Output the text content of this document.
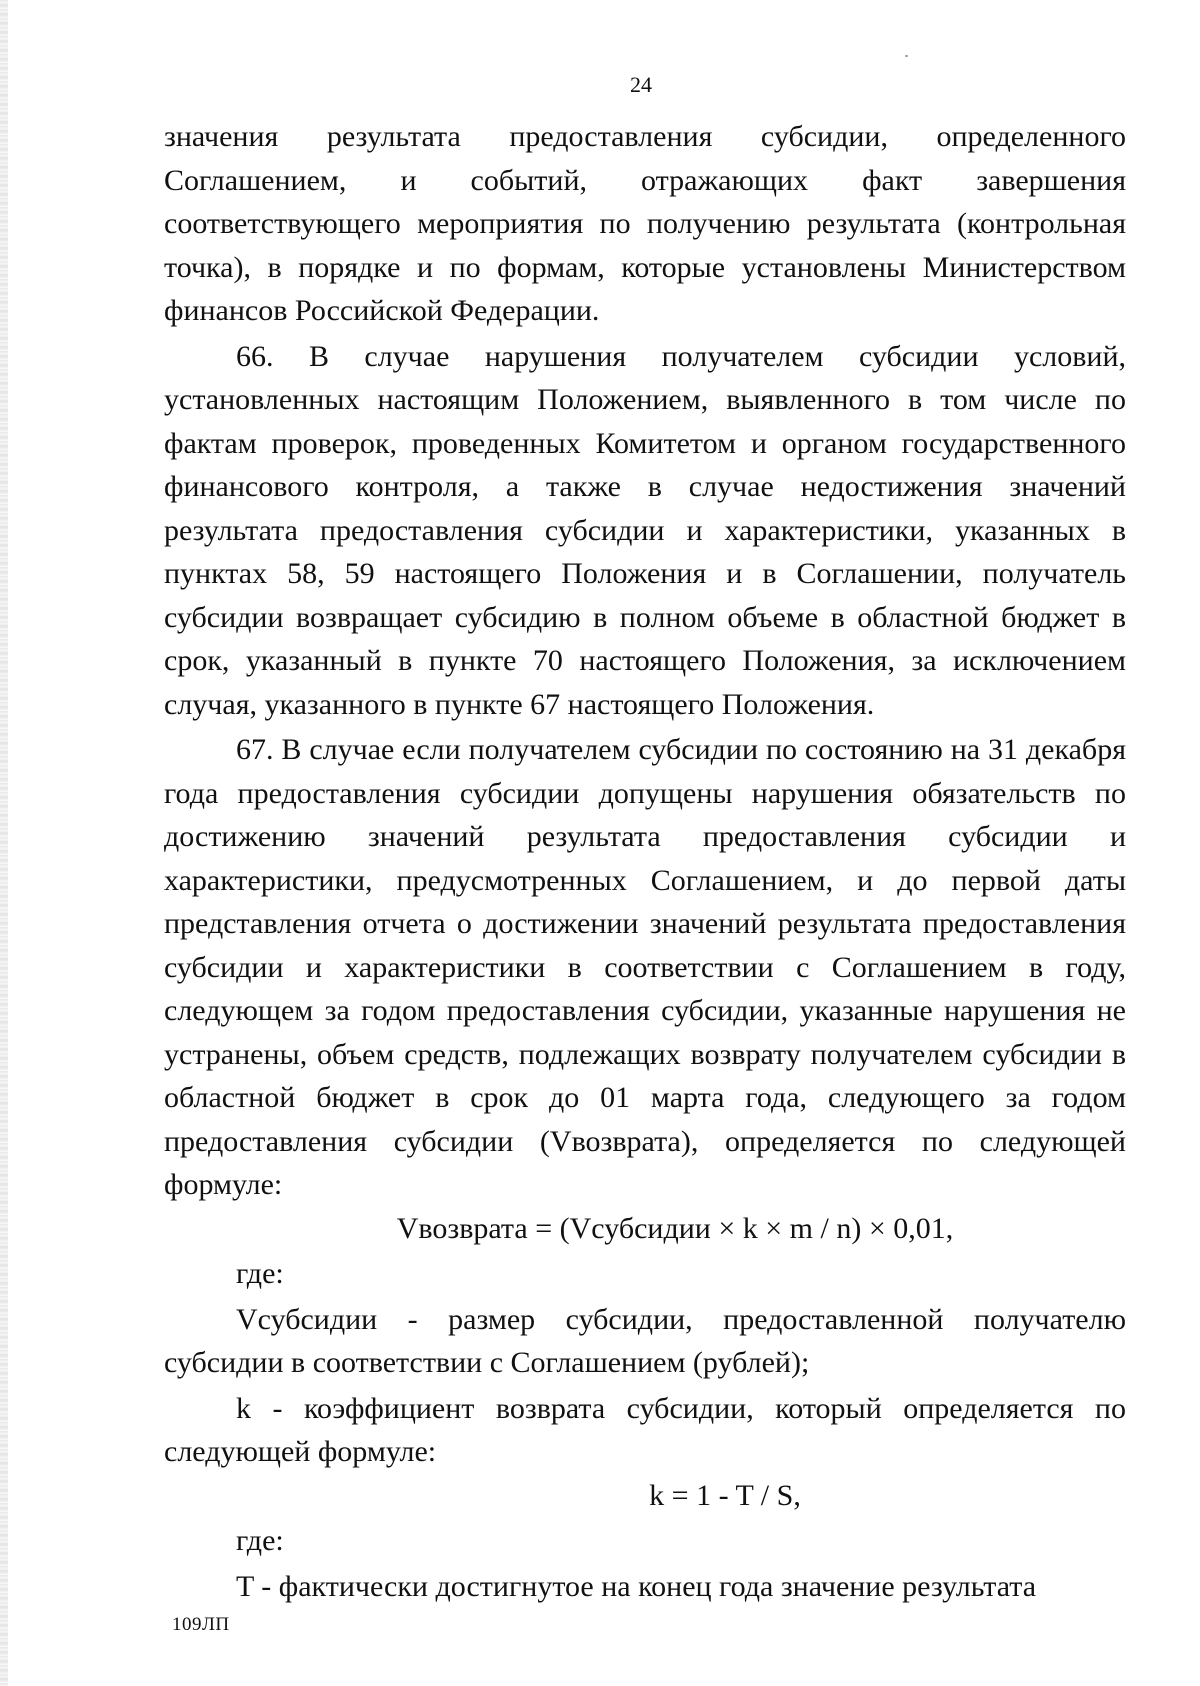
24

значения результата предоставления субсидии, определенного Соглашением, и событий, отражающих факт завершения соответствующего мероприятия по получению результата (контрольная точка), в порядке и по формам, которые установлены Министерством финансов Российской Федерации.

66. В случае нарушения получателем субсидии условий, установленных настоящим Положением, выявленного в том числе по фактам проверок, проведенных Комитетом и органом государственного финансового контроля, а также в случае недостижения значений результата предоставления субсидии и характеристики, указанных в пунктах 58, 59 настоящего Положения и в Соглашении, получатель субсидии возвращает субсидию в полном объеме в областной бюджет в срок, указанный в пункте 70 настоящего Положения, за исключением случая, указанного в пункте 67 настоящего Положения.

67. В случае если получателем субсидии по состоянию на 31 декабря года предоставления субсидии допущены нарушения обязательств по достижению значений результата предоставления субсидии и характеристики, предусмотренных Соглашением, и до первой даты представления отчета о достижении значений результата предоставления субсидии и характеристики в соответствии с Соглашением в году, следующем за годом предоставления субсидии, указанные нарушения не устранены, объем средств, подлежащих возврату получателем субсидии в областной бюджет в срок до 01 марта года, следующего за годом предоставления субсидии (Vвозврата), определяется по следующей формуле:

Vвозврата = (Vсубсидии × k × m / n) × 0,01,

где:

Vсубсидии - размер субсидии, предоставленной получателю субсидии в соответствии с Соглашением (рублей);

k - коэффициент возврата субсидии, который определяется по следующей формуле:

k = 1 - T / S,

где:

T - фактически достигнутое на конец года значение результата

109ЛП
